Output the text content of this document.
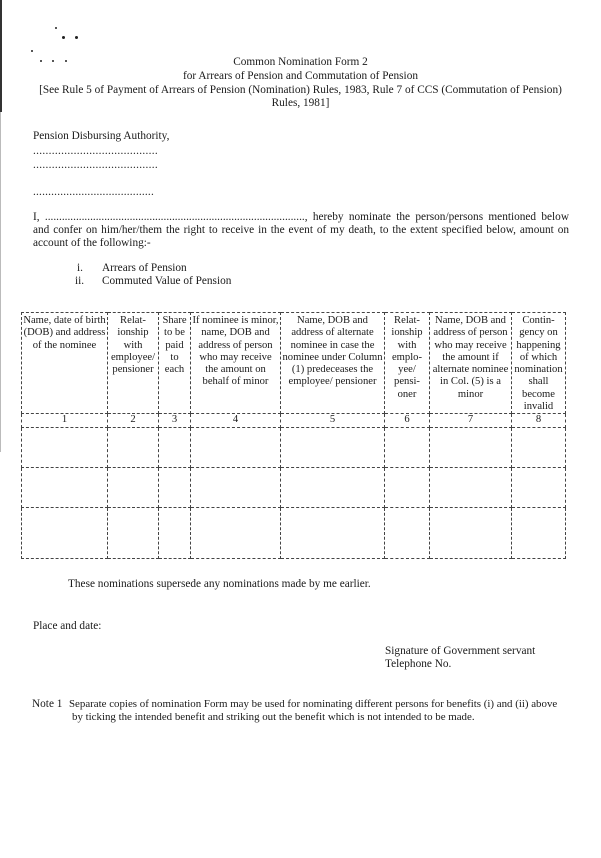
Common Nomination Form 2
for Arrears of Pension and Commutation of Pension
[See Rule 5 of Payment of Arrears of Pension (Nomination) Rules, 1983, Rule 7 of CCS (Commutation of Pension)
Rules, 1981]
Pension Disbursing Authority,
........................................
........................................
........................................
I, ............................................................................................, hereby nominate the person/persons mentioned below and confer on him/her/them the right to receive in the event of my death, to the extent specified below, amount on account of the following:-
i. Arrears of Pension
ii. Commuted Value of Pension
Name, date of birth (DOB) and address of the nominee	Relat-ionship with employee/ pensioner	Share to be paid to each	If nominee is minor, name, DOB and address of person who may receive the amount on behalf of minor	Name, DOB and address of alternate nominee in case the nominee under Column (1) predeceases the employee/ pensioner	Relat-ionship with emplo-yee/ pensi-oner	Name, DOB and address of person who may receive the amount if alternate nominee in Col. (5) is a minor	Contin-gency on happening of which nomination shall become invalid
1	2	3	4	5	6	7	8

These nominations supersede any nominations made by me earlier.
Place and date:
Signature of Government servant
Telephone No.
Note 1 Separate copies of nomination Form may be used for nominating different persons for benefits (i) and (ii) above
by ticking the intended benefit and striking out the benefit which is not intended to be made.
